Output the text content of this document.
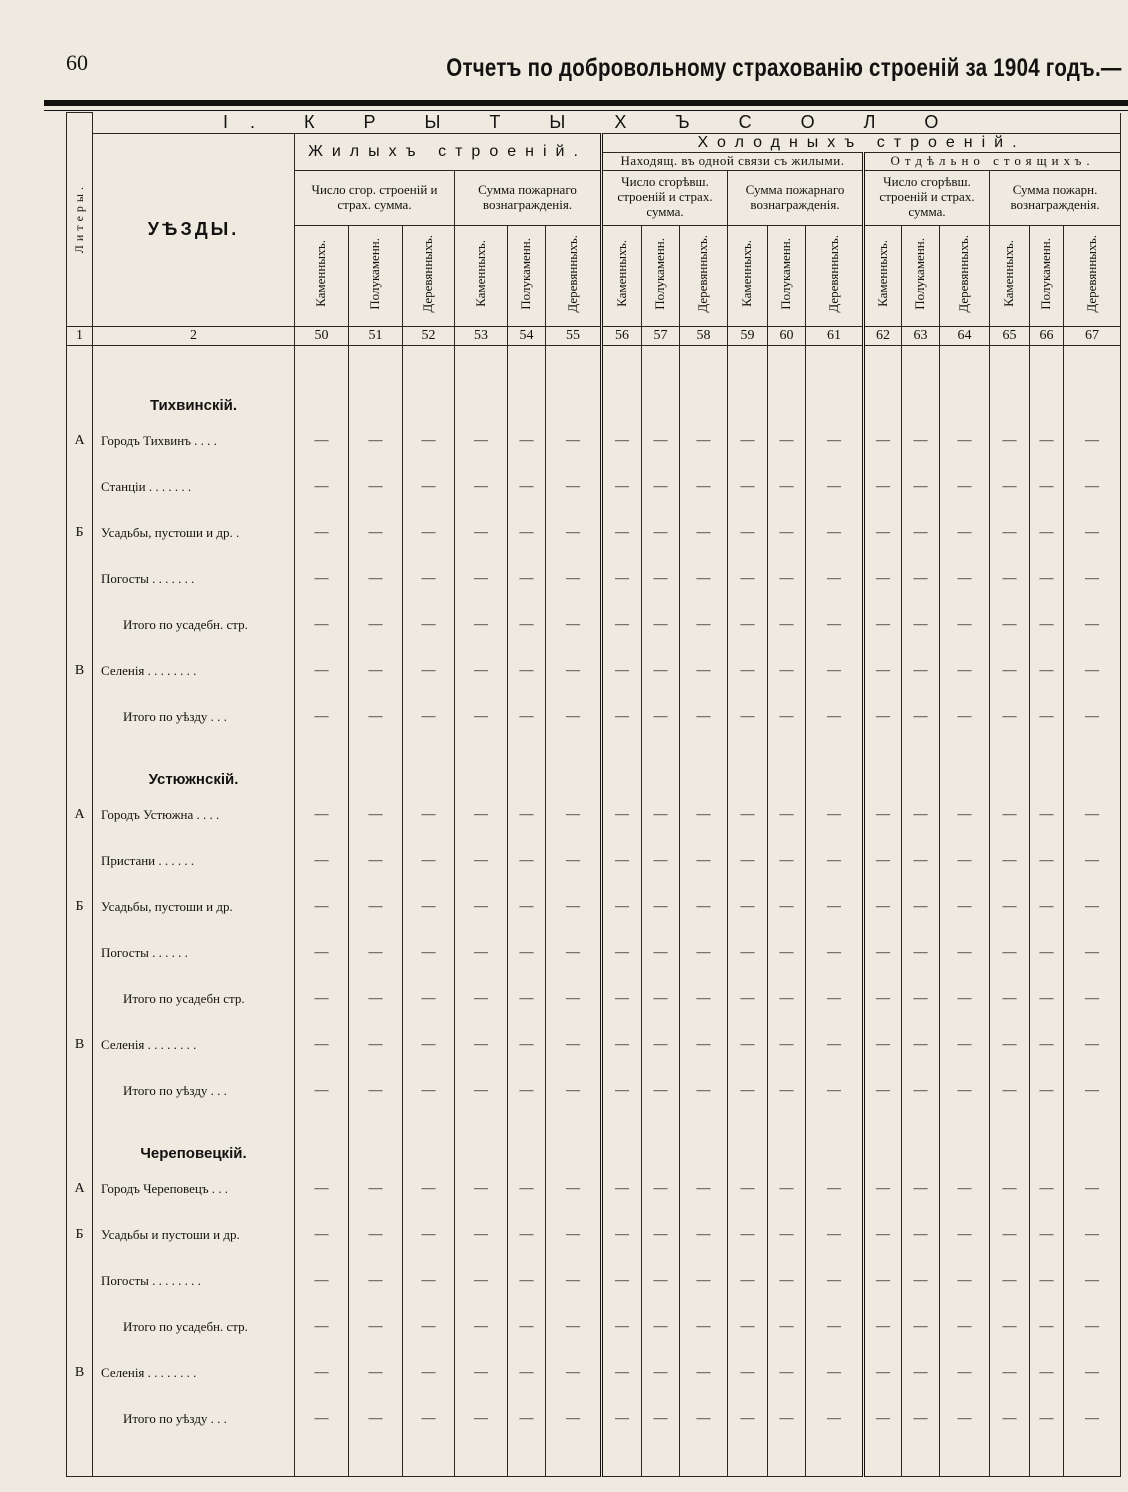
60	Отчетъ по добровольному страхованію строеній за 1904 годъ.—
Литеры.	I. К Р Ы Т Ы Х Ъ С О Л О																		
	УѢЗДЫ.	Жилыхъ строеній.						Холодныхъ строеній.											
								Находящ. въ одной связи съ жилыми.						Отдѣльно стоящихъ.					
		Число сгор. строеній и страх. сумма.			Сумма пожарнаго вознагражденія.			Число сгорѣвш. строеній и страх. сумма.			Сумма пожарнаго вознагражденія.			Число сгорѣвш. строеній и страх. сумма.			Сумма пожарн. вознагражденія.		
		Каменныхъ.	Полукаменн.	Деревянныхъ.	Каменныхъ.	Полукаменн.	Деревянныхъ.	Каменныхъ.	Полукаменн.	Деревянныхъ.	Каменныхъ.	Полукаменн.	Деревянныхъ.	Каменныхъ.	Полукаменн.	Деревянныхъ.	Каменныхъ.	Полукаменн.	Деревянныхъ.
1	2	50	51	52	53	54	55	56	57	58	59	60	61	62	63	64	65	66	67

	Тихвинскій.																		
А	Городъ Тихвинъ . . . .	—	—	—	—	—	—	—	—	—	—	—	—	—	—	—	—	—	—
	Станціи . . . . . . .	—	—	—	—	—	—	—	—	—	—	—	—	—	—	—	—	—	—
Б	Усадьбы, пустоши и др. .	—	—	—	—	—	—	—	—	—	—	—	—	—	—	—	—	—	—
	Погосты . . . . . . .	—	—	—	—	—	—	—	—	—	—	—	—	—	—	—	—	—	—
	Итого по усадебн. стр.	—	—	—	—	—	—	—	—	—	—	—	—	—	—	—	—	—	—
В	Селенія . . . . . . . .	—	—	—	—	—	—	—	—	—	—	—	—	—	—	—	—	—	—
	Итого по уѣзду . . .	—	—	—	—	—	—	—	—	—	—	—	—	—	—	—	—	—	—
	Устюжнскій.																		
А	Городъ Устюжна . . . .	—	—	—	—	—	—	—	—	—	—	—	—	—	—	—	—	—	—
	Пристани . . . . . .	—	—	—	—	—	—	—	—	—	—	—	—	—	—	—	—	—	—
Б	Усадьбы, пустоши и др.	—	—	—	—	—	—	—	—	—	—	—	—	—	—	—	—	—	—
	Погосты . . . . . .	—	—	—	—	—	—	—	—	—	—	—	—	—	—	—	—	—	—
	Итого по усадебн стр.	—	—	—	—	—	—	—	—	—	—	—	—	—	—	—	—	—	—
В	Селенія . . . . . . . .	—	—	—	—	—	—	—	—	—	—	—	—	—	—	—	—	—	—
	Итого по уѣзду . . .	—	—	—	—	—	—	—	—	—	—	—	—	—	—	—	—	—	—
	Череповецкій.																		
А	Городъ Череповецъ . . .	—	—	—	—	—	—	—	—	—	—	—	—	—	—	—	—	—	—
Б	Усадьбы и пустоши и др.	—	—	—	—	—	—	—	—	—	—	—	—	—	—	—	—	—	—
	Погосты . . . . . . . .	—	—	—	—	—	—	—	—	—	—	—	—	—	—	—	—	—	—
	Итого по усадебн. стр.	—	—	—	—	—	—	—	—	—	—	—	—	—	—	—	—	—	—
В	Селенія . . . . . . . .	—	—	—	—	—	—	—	—	—	—	—	—	—	—	—	—	—	—
	Итого по уѣзду . . .	—	—	—	—	—	—	—	—	—	—	—	—	—	—	—	—	—	—
